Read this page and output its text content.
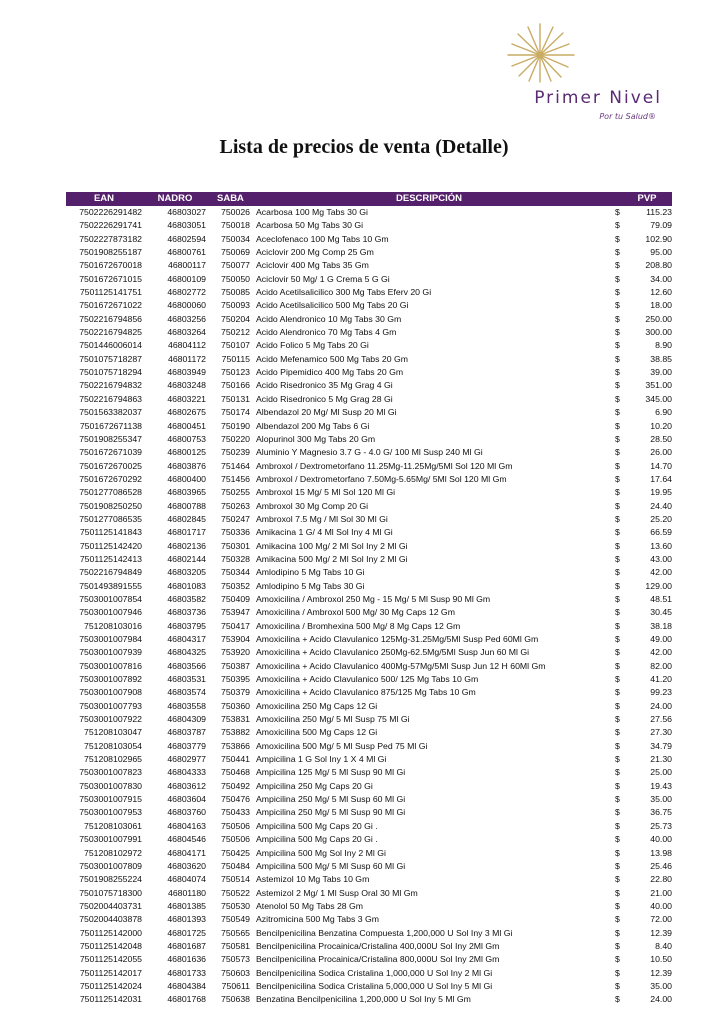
Primer Nivel
Por tu Salud®
Lista de precios de venta (Detalle)
EAN	NADRO	SABA	DESCRIPCIÓN	PVP
7502226291482	46803027	750026 Acarbosa 100 Mg Tabs 30 Gi	$	115.23
7502226291741	46803051	750018 Acarbosa 50 Mg Tabs 30 Gi	$	79.09
7502227873182	46802594	750034 Aceclofenaco 100 Mg Tabs 10 Gm	$	102.90
7501908255187	46800761	750069 Aciclovir 200 Mg Comp 25 Gm	$	95.00
7501672670018	46800117	750077 Aciclovir 400 Mg Tabs 35 Gm	$	208.80
7501672671015	46800109	750050 Aciclovir 50 Mg/ 1 G Crema 5 G Gi	$	34.00
7501125141751	46802772	750085 Acido Acetilsalicilico 300 Mg Tabs Eferv 20 Gi	$	12.60
7501672671022	46800060	750093 Acido Acetilsalicilico 500 Mg Tabs 20 Gi	$	18.00
7502216794856	46803256	750204 Acido Alendronico 10 Mg Tabs 30 Gm	$	250.00
7502216794825	46803264	750212 Acido Alendronico 70 Mg Tabs 4 Gm	$	300.00
7501446006014	46804112	750107 Acido Folico 5 Mg Tabs 20 Gi	$	8.90
7501075718287	46801172	750115 Acido Mefenamico 500 Mg Tabs 20 Gm	$	38.85
7501075718294	46803949	750123 Acido Pipemidico 400 Mg Tabs 20 Gm	$	39.00
7502216794832	46803248	750166 Acido Risedronico 35 Mg Grag 4 Gi	$	351.00
7502216794863	46803221	750131 Acido Risedronico 5 Mg Grag 28 Gi	$	345.00
7501563382037	46802675	750174 Albendazol 20 Mg/ Ml Susp 20 Ml Gi	$	6.90
7501672671138	46800451	750190 Albendazol 200 Mg Tabs 6 Gi	$	10.20
7501908255347	46800753	750220 Alopurinol 300 Mg Tabs 20 Gm	$	28.50
7501672671039	46800125	750239 Aluminio Y Magnesio 3.7 G - 4.0 G/ 100 Ml Susp 240 Ml Gi	$	26.00
7501672670025	46803876	751464 Ambroxol / Dextrometorfano 11.25Mg-11.25Mg/5Ml Sol 120 Ml Gm	$	14.70
7501672670292	46800400	751456 Ambroxol / Dextrometorfano 7.50Mg-5.65Mg/ 5Ml Sol 120 Ml Gm	$	17.64
7501277086528	46803965	750255 Ambroxol 15 Mg/ 5 Ml Sol 120 Ml Gi	$	19.95
7501908250250	46800788	750263 Ambroxol 30 Mg Comp 20 Gi	$	24.40
7501277086535	46802845	750247 Ambroxol 7.5 Mg / Ml Sol 30 Ml Gi	$	25.20
7501125141843	46801717	750336 Amikacina 1 G/ 4 Ml Sol Iny 4 Ml Gi	$	66.59
7501125142420	46802136	750301 Amikacina 100 Mg/ 2 Ml Sol Iny 2 Ml Gi	$	13.60
7501125142413	46802144	750328 Amikacina 500 Mg/ 2 Ml Sol Iny 2 Ml Gi	$	43.00
7502216794849	46803205	750344 Amlodipino 5 Mg Tabs 10 Gi	$	42.00
7501493891555	46801083	750352 Amlodipino 5 Mg Tabs 30 Gi	$	129.00
7503001007854	46803582	750409 Amoxicilina / Ambroxol 250 Mg - 15 Mg/ 5 Ml Susp 90 Ml Gm	$	48.51
7503001007946	46803736	753947 Amoxicilina / Ambroxol 500 Mg/ 30 Mg Caps 12 Gm	$	30.45
751208103016	46803795	750417 Amoxicilina / Bromhexina 500 Mg/ 8 Mg Caps 12 Gm	$	38.18
7503001007984	46804317	753904 Amoxicilina + Acido Clavulanico 125Mg-31.25Mg/5Ml Susp Ped 60Ml Gm	$	49.00
7503001007939	46804325	753920 Amoxicilina + Acido Clavulanico 250Mg-62.5Mg/5Ml Susp Jun 60 Ml Gi	$	42.00
7503001007816	46803566	750387 Amoxicilina + Acido Clavulanico 400Mg-57Mg/5Ml Susp Jun 12 H 60Ml Gm	$	82.00
7503001007892	46803531	750395 Amoxicilina + Acido Clavulanico 500/ 125 Mg Tabs 10 Gm	$	41.20
7503001007908	46803574	750379 Amoxicilina + Acido Clavulanico 875/125 Mg Tabs 10 Gm	$	99.23
7503001007793	46803558	750360 Amoxicilina 250 Mg Caps 12 Gi	$	24.00
7503001007922	46804309	753831 Amoxicilina 250 Mg/ 5 Ml Susp 75 Ml Gi	$	27.56
751208103047	46803787	753882 Amoxicilina 500 Mg Caps 12 Gi	$	27.30
751208103054	46803779	753866 Amoxicilina 500 Mg/ 5 Ml Susp Ped 75 Ml Gi	$	34.79
751208102965	46802977	750441 Ampicilina 1 G Sol Iny 1 X 4 Ml Gi	$	21.30
7503001007823	46804333	750468 Ampicilina 125 Mg/ 5 Ml Susp 90 Ml Gi	$	25.00
7503001007830	46803612	750492 Ampicilina 250 Mg Caps 20 Gi	$	19.43
7503001007915	46803604	750476 Ampicilina 250 Mg/ 5 Ml Susp 60 Ml Gi	$	35.00
7503001007953	46803760	750433 Ampicilina 250 Mg/ 5 Ml Susp 90 Ml Gi	$	36.75
751208103061	46804163	750506 Ampicilina 500 Mg Caps 20 Gi .	$	25.73
7503001007991	46804546	750506 Ampicilina 500 Mg Caps 20 Gi .	$	40.00
751208102972	46804171	750425 Ampicilina 500 Mg Sol Iny 2 Ml Gi	$	13.98
7503001007809	46803620	750484 Ampicilina 500 Mg/ 5 Ml Susp 60 Ml Gi	$	25.46
7501908255224	46804074	750514 Astemizol 10 Mg Tabs 10 Gm	$	22.80
7501075718300	46801180	750522 Astemizol 2 Mg/ 1 Ml Susp Oral 30 Ml Gm	$	21.00
7502004403731	46801385	750530 Atenolol 50 Mg Tabs 28 Gm	$	40.00
7502004403878	46801393	750549 Azitromicina 500 Mg Tabs 3 Gm	$	72.00
7501125142000	46801725	750565 Bencilpenicilina Benzatina Compuesta 1,200,000 U Sol Iny 3 Ml Gi	$	12.39
7501125142048	46801687	750581 Bencilpenicilina Procainica/Cristalina 400,000U Sol Iny 2Ml Gm	$	8.40
7501125142055	46801636	750573 Bencilpenicilina Procainica/Cristalina 800,000U Sol Iny 2Ml Gm	$	10.50
7501125142017	46801733	750603 Bencilpenicilina Sodica Cristalina 1,000,000 U Sol Iny 2 Ml Gi	$	12.39
7501125142024	46804384	750611 Bencilpenicilina Sodica Cristalina 5,000,000 U Sol Iny 5 Ml Gi	$	35.00
7501125142031	46801768	750638 Benzatina Bencilpenicilina 1,200,000 U Sol Iny 5 Ml Gm	$	24.00
